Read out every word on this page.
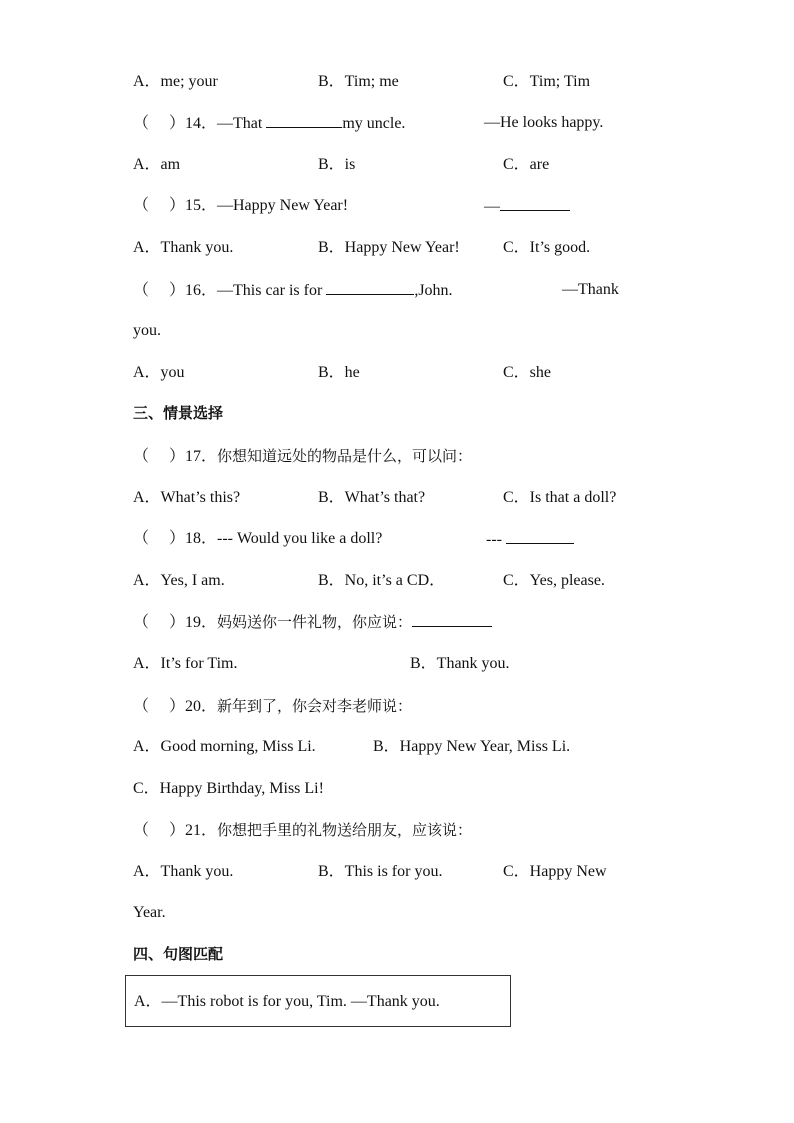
A．me; your	B．Tim; me	C．Tim; Tim
（　 ）14．—That	my uncle.	—He looks happy.
A．am	B．is	C．are
（　 ）15．—Happy New Year!	—
A．Thank you.	B．Happy New Year!	C．It’s good.
（　 ）16．—This car is for	,John.	—Thank
you.
A．you	B．he	C．she
三、情景选择
（　 ）17．你想知道远处的物品是什么，可以问：
A．What’s this?	B．What’s that?	C．Is that a doll?
（　 ）18．--- Would you like a doll?	---
A．Yes, I am.	B．No, it’s a CD．	C．Yes, please.
（　 ）19．妈妈送你一件礼物，你应说：
A．It’s for Tim.	B．Thank you.
（　 ）20．新年到了，你会对李老师说：
A．Good morning, Miss Li.	B．Happy New Year, Miss Li.
C．Happy Birthday, Miss Li!
（　 ）21．你想把手里的礼物送给朋友，应该说：
A．Thank you.	B．This is for you.	C．Happy New
Year.
四、句图匹配
A．—This robot is for you, Tim. —Thank you.
